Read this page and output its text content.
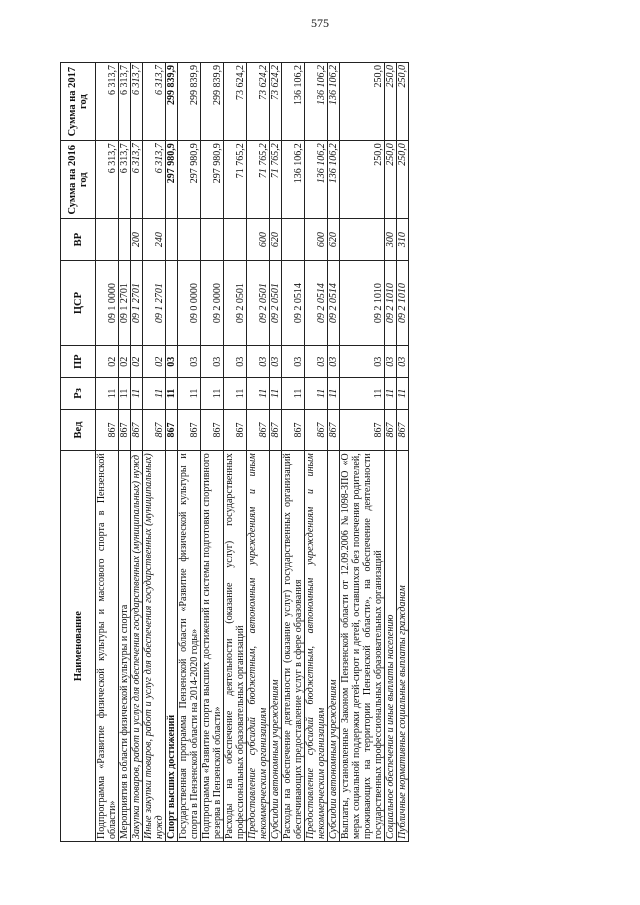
575
Наименование	Вед	Рз	ПР	ЦСР	ВР	Сумма на 2016 год	Сумма на 2017 год
Подпрограмма «Развитие физической культуры и массового спорта в Пензенской области»	867	11	02	09 1 0000		6 313,7	6 313,7
Мероприятия в области физической культуры и спорта	867	11	02	09 1 2701		6 313,7	6 313,7
Закупка товаров, работ и услуг для обеспечения государственных (муниципальных) нужд	867	11	02	09 1 2701	200	6 313,7	6 313,7
Иные закупки товаров, работ и услуг для обеспечения государственных (муниципальных) нужд	867	11	02	09 1 2701	240	6 313,7	6 313,7
Спорт высших достижений	867	11	03			297 980,9	299 839,9
Государственная программа Пензенской области «Развитие физической культуры и спорта в Пензенской области на 2014-2020 годы»	867	11	03	09 0 0000		297 980,9	299 839,9
Подпрограмма «Развитие спорта высших достижений и системы подготовки спортивного резерва в Пензенской области»	867	11	03	09 2 0000		297 980,9	299 839,9
Расходы на обеспечение деятельности (оказание услуг) государственных профессиональных образовательных организаций	867	11	03	09 2 0501		71 765,2	73 624,2
Предоставление субсидий бюджетным, автономным учреждениям и иным некоммерческим организациям	867	11	03	09 2 0501	600	71 765,2	73 624,2
Субсидии автономным учреждениям	867	11	03	09 2 0501	620	71 765,2	73 624,2
Расходы на обеспечение деятельности (оказание услуг) государственных организаций обеспечивающих предоставление услуг в сфере образования	867	11	03	09 2 0514		136 106,2	136 106,2
Предоставление субсидий бюджетным, автономным учреждениям и иным некоммерческим организациям	867	11	03	09 2 0514	600	136 106,2	136 106,2
Субсидии автономным учреждениям	867	11	03	09 2 0514	620	136 106,2	136 106,2
Выплаты, установленные Законом Пензенской области от 12.09.2006 №1098-ЗПО «О мерах социальной поддержки детей-сирот и детей, оставшихся без попечения родителей, проживающих на территории Пензенской области», на обеспечение деятельности государственных профессиональных образовательных организаций	867	11	03	09 2 1010		250,0	250,0
Социальное обеспечение и иные выплаты населению	867	11	03	09 2 1010	300	250,0	250,0
Публичные нормативные социальные выплаты гражданам	867	11	03	09 2 1010	310	250,0	250,0
